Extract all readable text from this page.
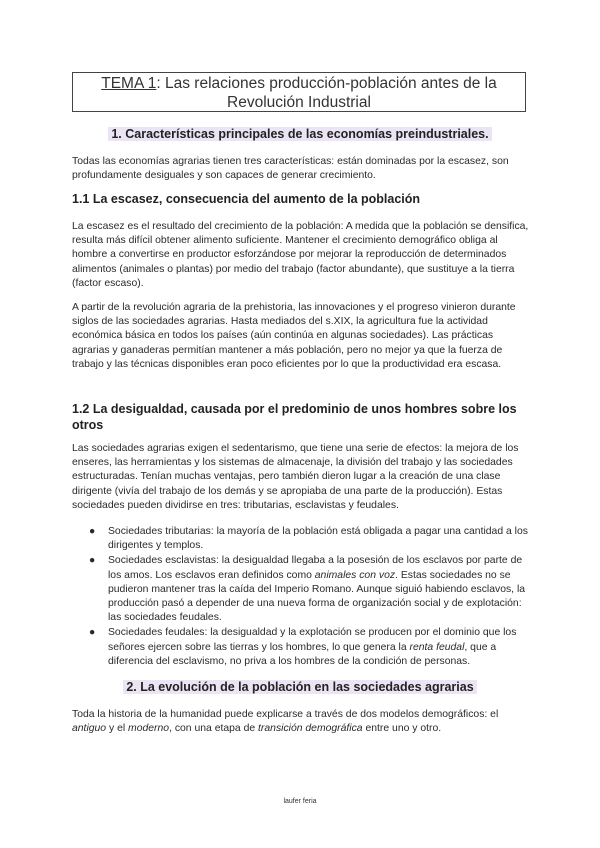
TEMA 1: Las relaciones producción-población antes de la
Revolución Industrial
1. Características principales de las economías preindustriales.
Todas las economías agrarias tienen tres características: están dominadas por la escasez, son profundamente desiguales y son capaces de generar crecimiento.
1.1 La escasez, consecuencia del aumento de la población
La escasez es el resultado del crecimiento de la población: A medida que la población se densifica, resulta más difícil obtener alimento suficiente. Mantener el crecimiento demográfico obliga al hombre a convertirse en productor esforzándose por mejorar la reproducción de determinados alimentos (animales o plantas) por medio del trabajo (factor abundante), que sustituye a la tierra (factor escaso).
A partir de la revolución agraria de la prehistoria, las innovaciones y el progreso vinieron durante siglos de las sociedades agrarias. Hasta mediados del s.XIX, la agricultura fue la actividad económica básica en todos los países (aún continúa en algunas sociedades). Las prácticas agrarias y ganaderas permitían mantener a más población, pero no mejor ya que la fuerza de trabajo y las técnicas disponibles eran poco eficientes por lo que la productividad era escasa.
1.2 La desigualdad, causada por el predominio de unos hombres sobre los otros
Las sociedades agrarias exigen el sedentarismo, que tiene una serie de efectos: la mejora de los enseres, las herramientas y los sistemas de almacenaje, la división del trabajo y las sociedades estructuradas. Tenían muchas ventajas, pero también dieron lugar a la creación de una clase dirigente (vivía del trabajo de los demás y se apropiaba de una parte de la producción). Estas sociedades pueden dividirse en tres: tributarias, esclavistas y feudales.
● Sociedades tributarias: la mayoría de la población está obligada a pagar una cantidad a los dirigentes y templos.
● Sociedades esclavistas: la desigualdad llegaba a la posesión de los esclavos por parte de los amos. Los esclavos eran definidos como animales con voz. Estas sociedades no se pudieron mantener tras la caída del Imperio Romano. Aunque siguió habiendo esclavos, la producción pasó a depender de una nueva forma de organización social y de explotación: las sociedades feudales.
● Sociedades feudales: la desigualdad y la explotación se producen por el dominio que los señores ejercen sobre las tierras y los hombres, lo que genera la renta feudal, que a diferencia del esclavismo, no priva a los hombres de la condición de personas.
2. La evolución de la población en las sociedades agrarias
Toda la historia de la humanidad puede explicarse a través de dos modelos demográficos: el antiguo y el moderno, con una etapa de transición demográfica entre uno y otro.
laufer feria
